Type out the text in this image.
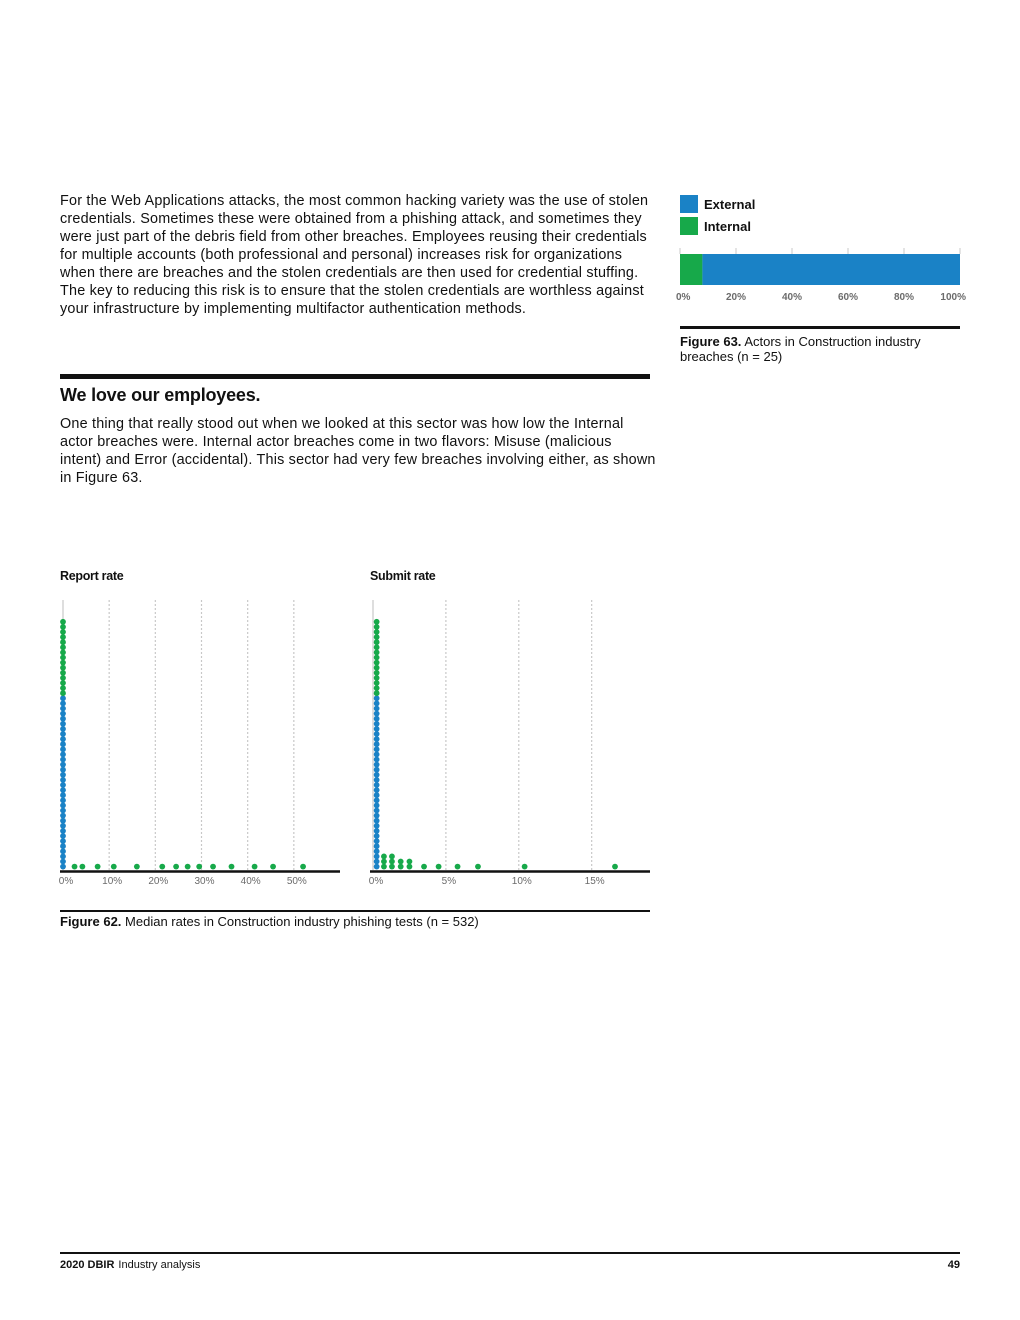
For the Web Applications attacks, the most common hacking variety was the use of stolen credentials. Sometimes these were obtained from a phishing attack, and sometimes they were just part of the debris field from other breaches. Employees reusing their credentials for multiple accounts (both professional and personal) increases risk for organizations when there are breaches and the stolen credentials are then used for credential stuffing. The key to reducing this risk is to ensure that the stolen credentials are worthless against your infrastructure by implementing multifactor authentication methods.

We love our employees.

One thing that really stood out when we looked at this sector was how low the Internal actor breaches were. Internal actor breaches come in two flavors: Misuse (malicious intent) and Error (accidental). This sector had very few breaches involving either, as shown in Figure 63.

External
Internal
0%	20%	40%	60%	80%	100%

Figure 63. Actors in Construction industry breaches (n = 25)

Report rate	Submit rate

0%	10%	20%	30%	40%	50%	0%	5%	10%	15%

Figure 62. Median rates in Construction industry phishing tests (n = 532)

2020 DBIR Industry analysis	49
